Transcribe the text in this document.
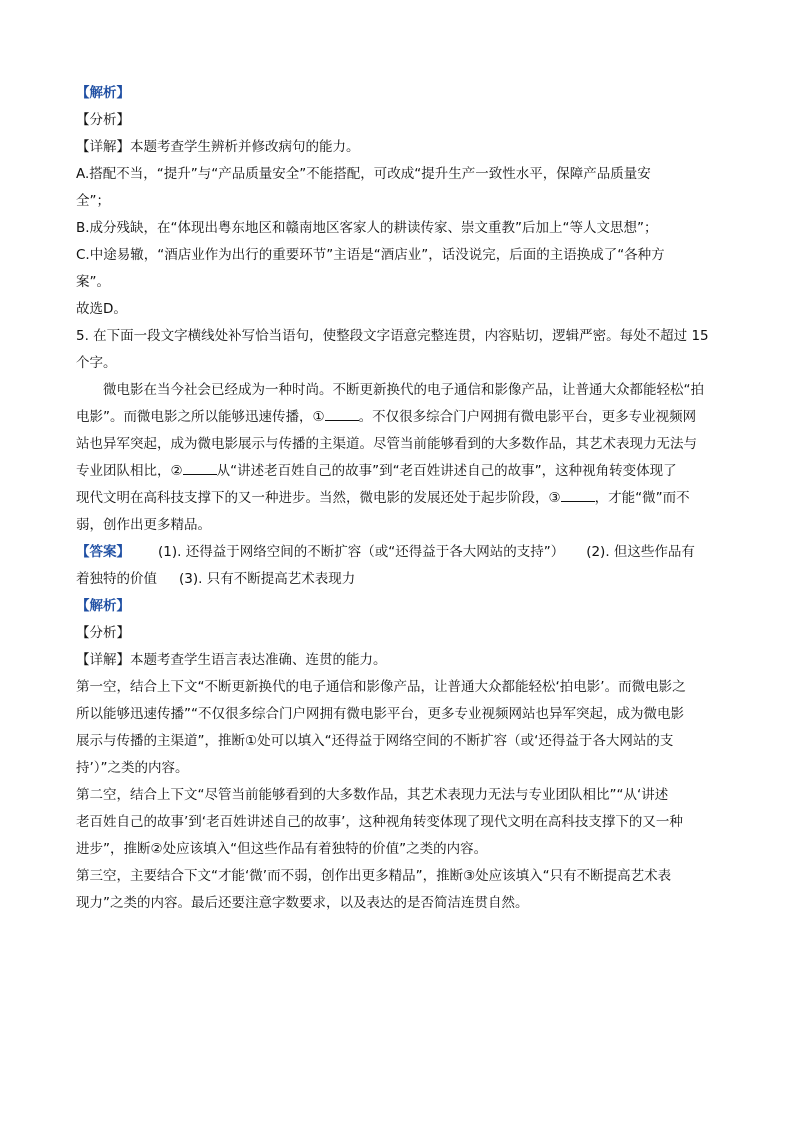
【解析】

【分析】

【详解】本题考查学生辨析并修改病句的能力。

A.搭配不当，“提升”与“产品质量安全”不能搭配，可改成“提升生产一致性水平，保障产品质量安

全”；

B.成分残缺，在“体现出粤东地区和赣南地区客家人的耕读传家、崇文重教”后加上“等人文思想”；

C.中途易辙，“酒店业作为出行的重要环节”主语是“酒店业”，话没说完，后面的主语换成了“各种方

案”。

故选D。

5. 在下面一段文字横线处补写恰当语句，使整段文字语意完整连贯，内容贴切，逻辑严密。每处不超过 15

个字。

微电影在当今社会已经成为一种时尚。不断更新换代的电子通信和影像产品，让普通大众都能轻松“拍

电影”。而微电影之所以能够迅速传播，①	。不仅很多综合门户网拥有微电影平台，更多专业视频网

站也异军突起，成为微电影展示与传播的主渠道。尽管当前能够看到的大多数作品，其艺术表现力无法与

专业团队相比，②	从“讲述老百姓自己的故事”到“老百姓讲述自己的故事”，这种视角转变体现了

现代文明在高科技支撑下的又一种进步。当然，微电影的发展还处于起步阶段，③	，才能“微”而不

弱，创作出更多精品。

【答案】 (1). 还得益于网络空间的不断扩容（或“还得益于各大网站的支持”） (2). 但这些作品有

着独特的价值 (3). 只有不断提高艺术表现力

【解析】

【分析】

【详解】本题考查学生语言表达准确、连贯的能力。

第一空，结合上下文“不断更新换代的电子通信和影像产品，让普通大众都能轻松‘拍电影’。而微电影之

所以能够迅速传播”“不仅很多综合门户网拥有微电影平台，更多专业视频网站也异军突起，成为微电影

展示与传播的主渠道”，推断①处可以填入“还得益于网络空间的不断扩容（或‘还得益于各大网站的支

持’）”之类的内容。

第二空，结合上下文“尽管当前能够看到的大多数作品，其艺术表现力无法与专业团队相比”“从‘讲述

老百姓自己的故事’到‘老百姓讲述自己的故事’，这种视角转变体现了现代文明在高科技支撑下的又一种

进步”，推断②处应该填入“但这些作品有着独特的价值”之类的内容。

第三空，主要结合下文“才能‘微’而不弱，创作出更多精品”，推断③处应该填入“只有不断提高艺术表

现力”之类的内容。最后还要注意字数要求，以及表达的是否简洁连贯自然。
